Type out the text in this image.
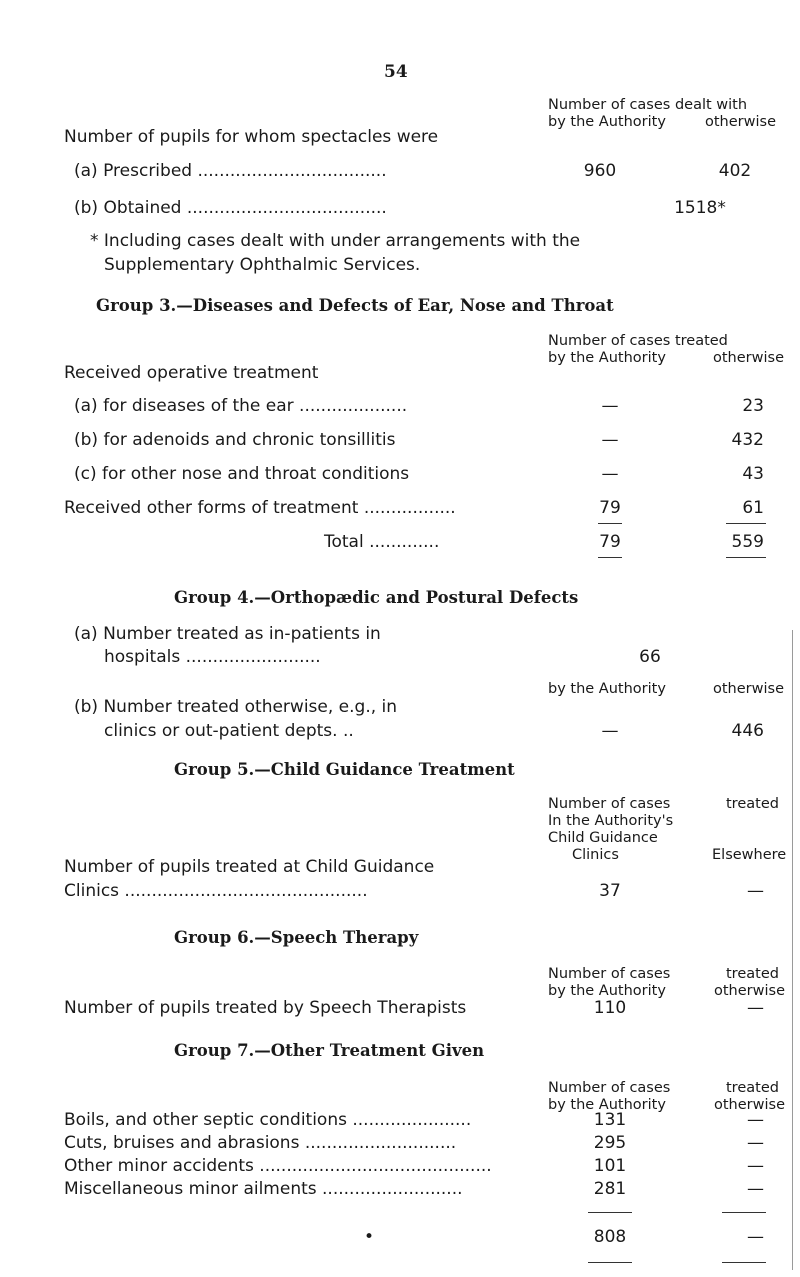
54
Number of cases dealt with
by the Authority	otherwise
Number of pupils for whom spectacles were
(a) Prescribed ...................................	960	402
(b) Obtained .....................................	1518*
* Including cases dealt with under arrangements with the
Supplementary Ophthalmic Services.
Group 3.—Diseases and Defects of Ear, Nose and Throat
Number of cases treated
by the Authority	otherwise
Received operative treatment
(a) for diseases of the ear ....................	—	23
(b) for adenoids and chronic tonsillitis	—	432
(c) for other nose and throat conditions	—	43
Received other forms of treatment .................	79	61
Total .............	79	559
Group 4.—Orthopædic and Postural Defects
(a) Number treated as in-patients in
hospitals .........................	66
by the Authority	otherwise
(b) Number treated otherwise, e.g., in
clinics or out-patient depts. ..	—	446
Group 5.—Child Guidance Treatment
Number of cases	treated
In the Authority's
Child Guidance
Clinics	Elsewhere
Number of pupils treated at Child Guidance
Clinics .............................................	37	—
Group 6.—Speech Therapy
Number of cases	treated
by the Authority	otherwise
Number of pupils treated by Speech Therapists	110	—
Group 7.—Other Treatment Given
Number of cases	treated
by the Authority	otherwise
Boils, and other septic conditions ......................	131	—
Cuts, bruises and abrasions ............................	295	—
Other minor accidents ...........................................	101	—
Miscellaneous minor ailments ..........................	281	—
•	808	—
